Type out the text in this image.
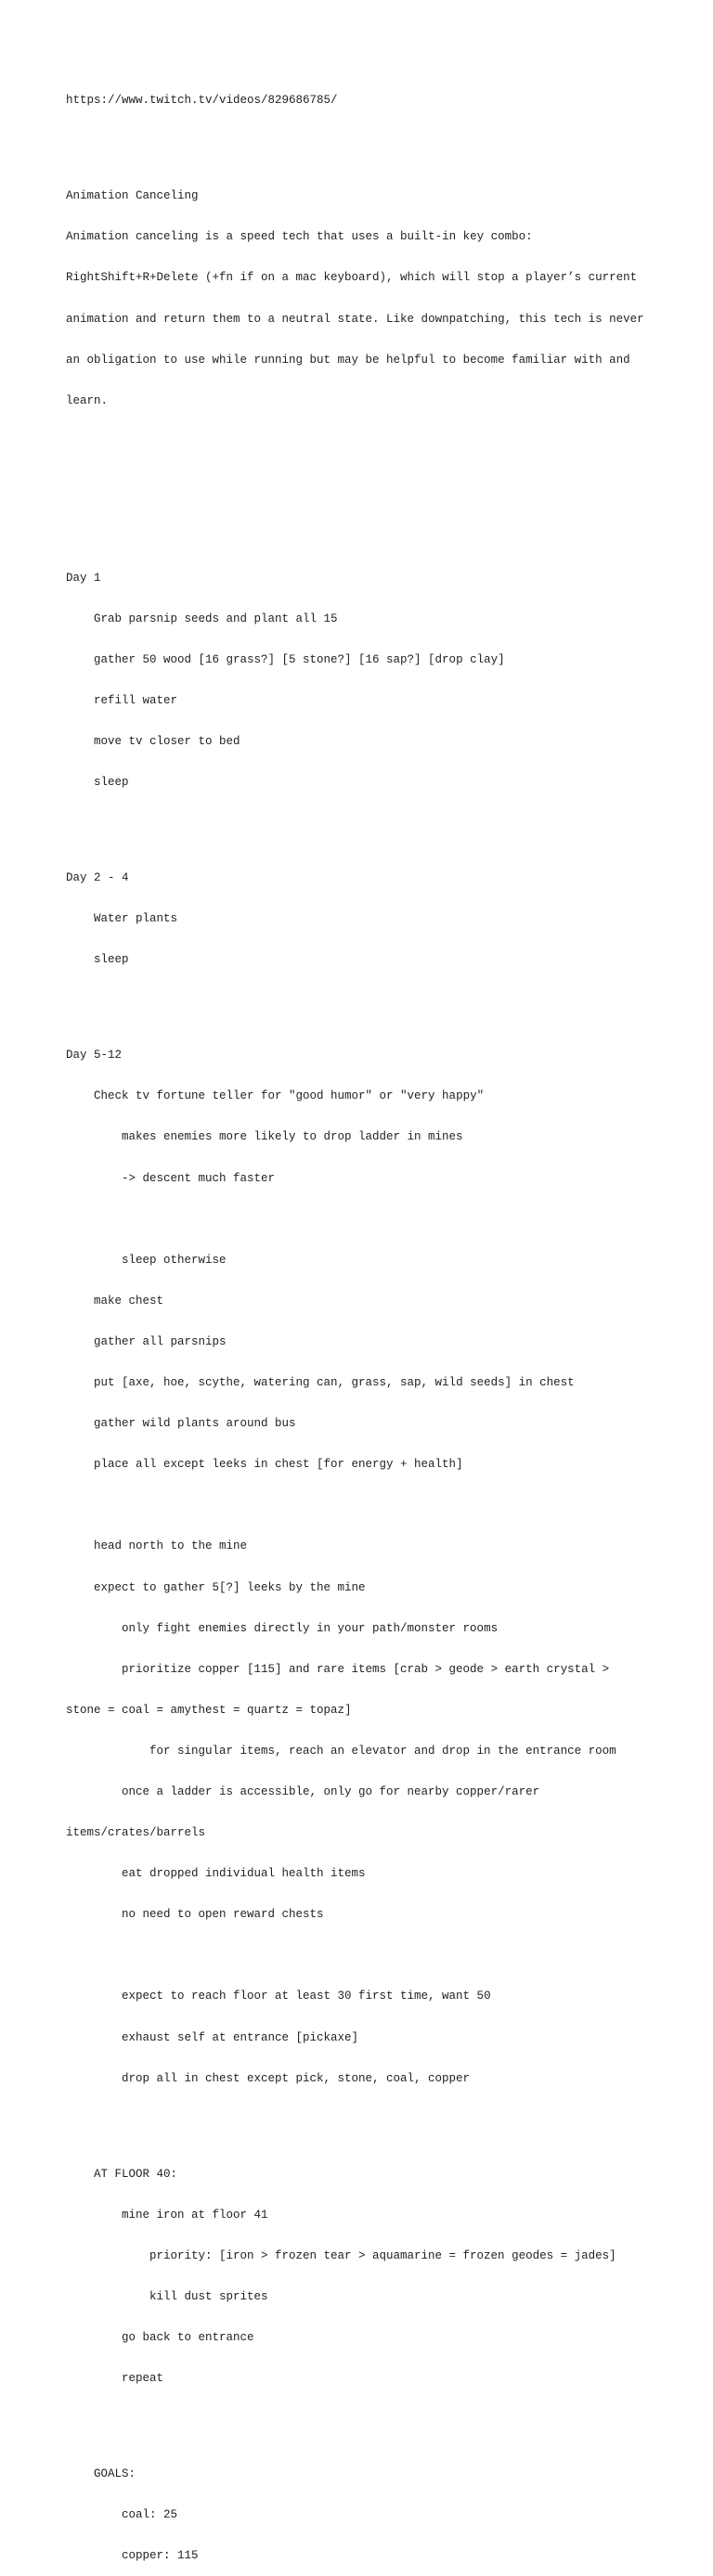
https://www.twitch.tv/videos/829686785/

Animation Canceling

Animation canceling is a speed tech that uses a built-in key combo:

RightShift+R+Delete (+fn if on a mac keyboard), which will stop a player’s current

animation and return them to a neutral state. Like downpatching, this tech is never

an obligation to use while running but may be helpful to become familiar with and

learn.

Day 1

Grab parsnip seeds and plant all 15

gather 50 wood [16 grass?] [5 stone?] [16 sap?] [drop clay]

refill water

move tv closer to bed

sleep

Day 2 - 4

Water plants

sleep

Day 5-12

Check tv fortune teller for "good humor" or "very happy"

makes enemies more likely to drop ladder in mines

-> descent much faster

sleep otherwise

make chest

gather all parsnips

put [axe, hoe, scythe, watering can, grass, sap, wild seeds] in chest

gather wild plants around bus

place all except leeks in chest [for energy + health]

head north to the mine

expect to gather 5[?] leeks by the mine

only fight enemies directly in your path/monster rooms

prioritize copper [115] and rare items [crab > geode > earth crystal >

stone = coal = amythest = quartz = topaz]

for singular items, reach an elevator and drop in the entrance room

once a ladder is accessible, only go for nearby copper/rarer

items/crates/barrels

eat dropped individual health items

no need to open reward chests

expect to reach floor at least 30 first time, want 50

exhaust self at entrance [pickaxe]

drop all in chest except pick, stone, coal, copper

AT FLOOR 40:

mine iron at floor 41

priority: [iron > frozen tear > aquamarine = frozen geodes = jades]

kill dust sprites

go back to entrance

repeat

GOALS:

coal: 25

copper: 115
